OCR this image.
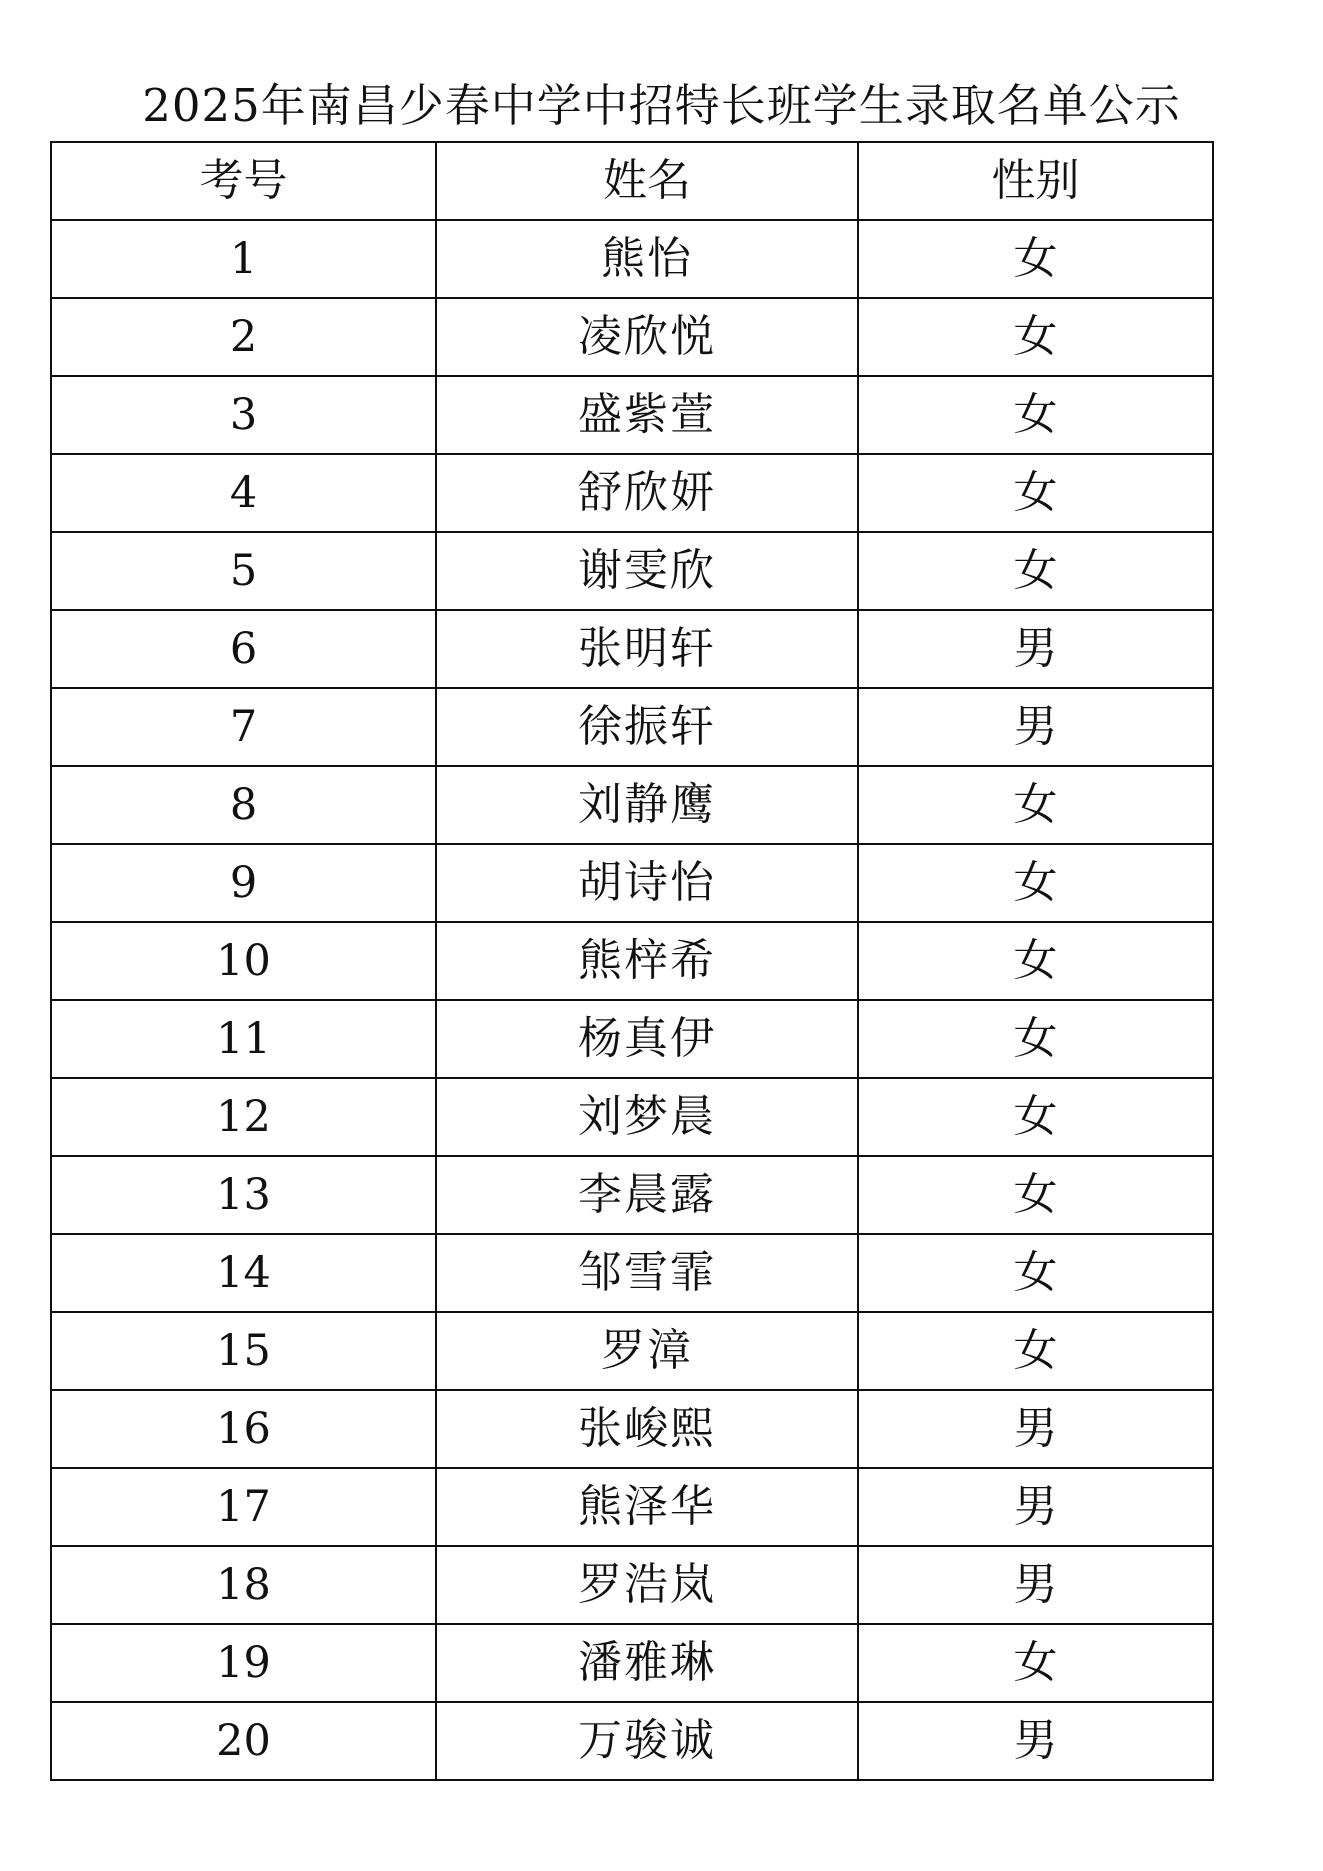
2025年南昌少春中学中招特长班学生录取名单公示
考号	姓名	性别
1	熊怡	女
2	凌欣悦	女
3	盛紫萱	女
4	舒欣妍	女
5	谢雯欣	女
6	张明轩	男
7	徐振轩	男
8	刘静鹰	女
9	胡诗怡	女
10	熊梓希	女
11	杨真伊	女
12	刘梦晨	女
13	李晨露	女
14	邹雪霏	女
15	罗漳	女
16	张峻熙	男
17	熊泽华	男
18	罗浩岚	男
19	潘雅琳	女
20	万骏诚	男
